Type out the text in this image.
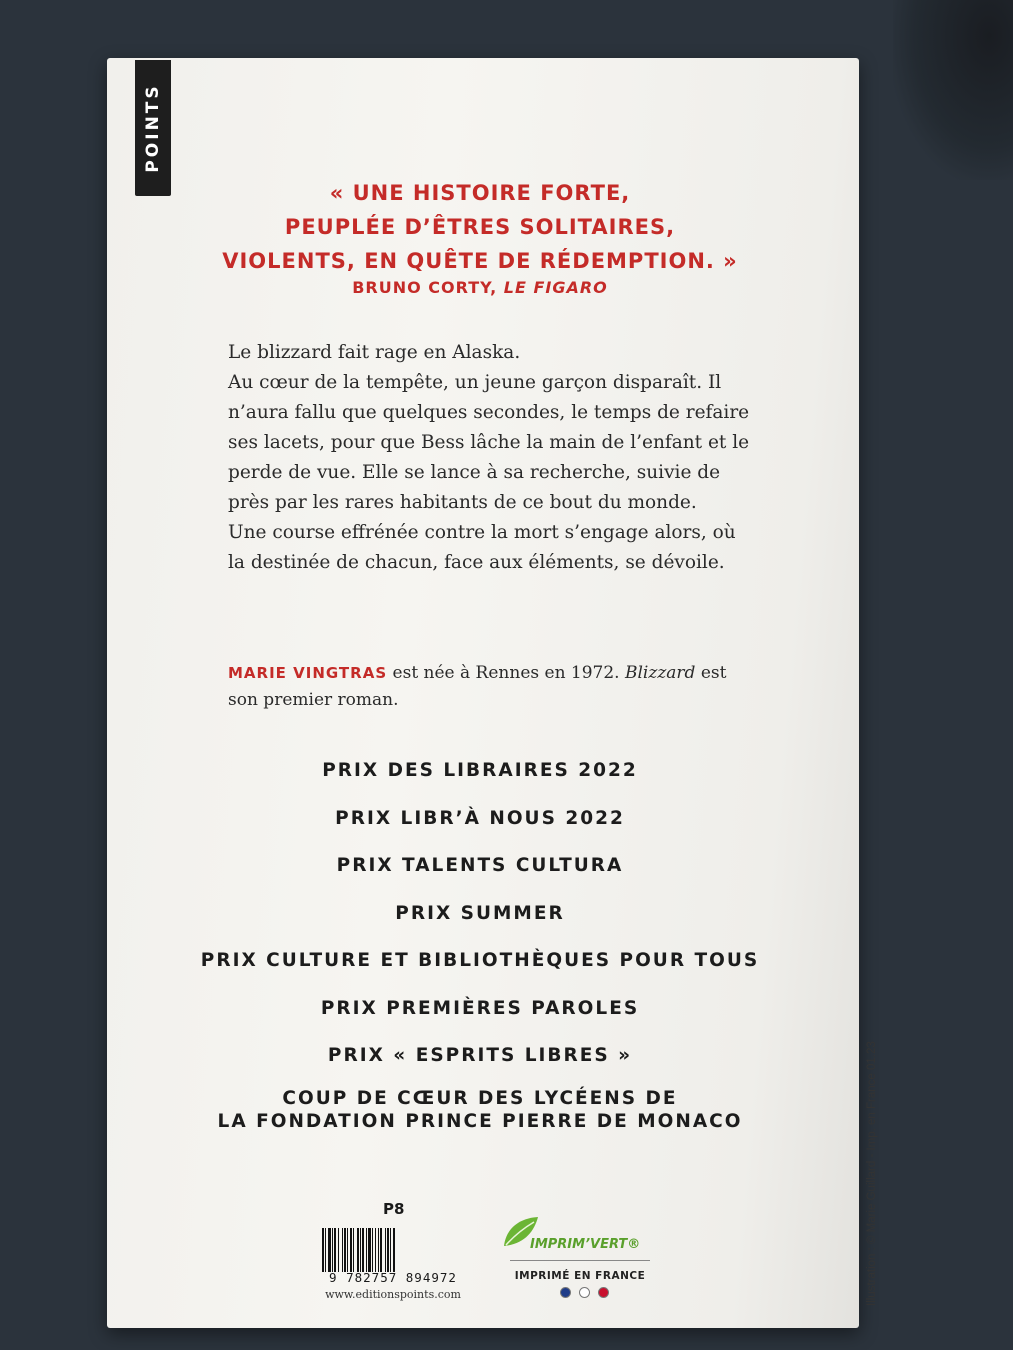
POINTS
« UNE HISTOIRE FORTE,
PEUPLÉE D’ÊTRES SOLITAIRES,
VIOLENTS, EN QUÊTE DE RÉDEMPTION. »
BRUNO CORTY, LE FIGARO

Le blizzard fait rage en Alaska.

Au cœur de la tempête, un jeune garçon disparaît. Il n’aura fallu que quelques secondes, le temps de refaire ses lacets, pour que Bess lâche la main de l’enfant et le perde de vue. Elle se lance à sa recherche, suivie de près par les rares habitants de ce bout du monde.

Une course effrénée contre la mort s’engage alors, où la destinée de chacun, face aux éléments, se dévoile.

MARIE VINGTRAS est née à Rennes en 1972. Blizzard est son premier roman.
PRIX DES LIBRAIRES 2022
PRIX LIBR’À NOUS 2022
PRIX TALENTS CULTURA
PRIX SUMMER
PRIX CULTURE ET BIBLIOTHÈQUES POUR TOUS
PRIX PREMIÈRES PAROLES
PRIX « ESPRITS LIBRES »
COUP DE CŒUR DES LYCÉENS DE
LA FONDATION PRINCE PIERRE DE MONACO
P8
9 782757 894972
www.editionspoints.com
IMPRIM’VERT®
IMPRIMÉ EN FRANCE	Illustration : © Marie Guillard - Imp. en France 01.23
